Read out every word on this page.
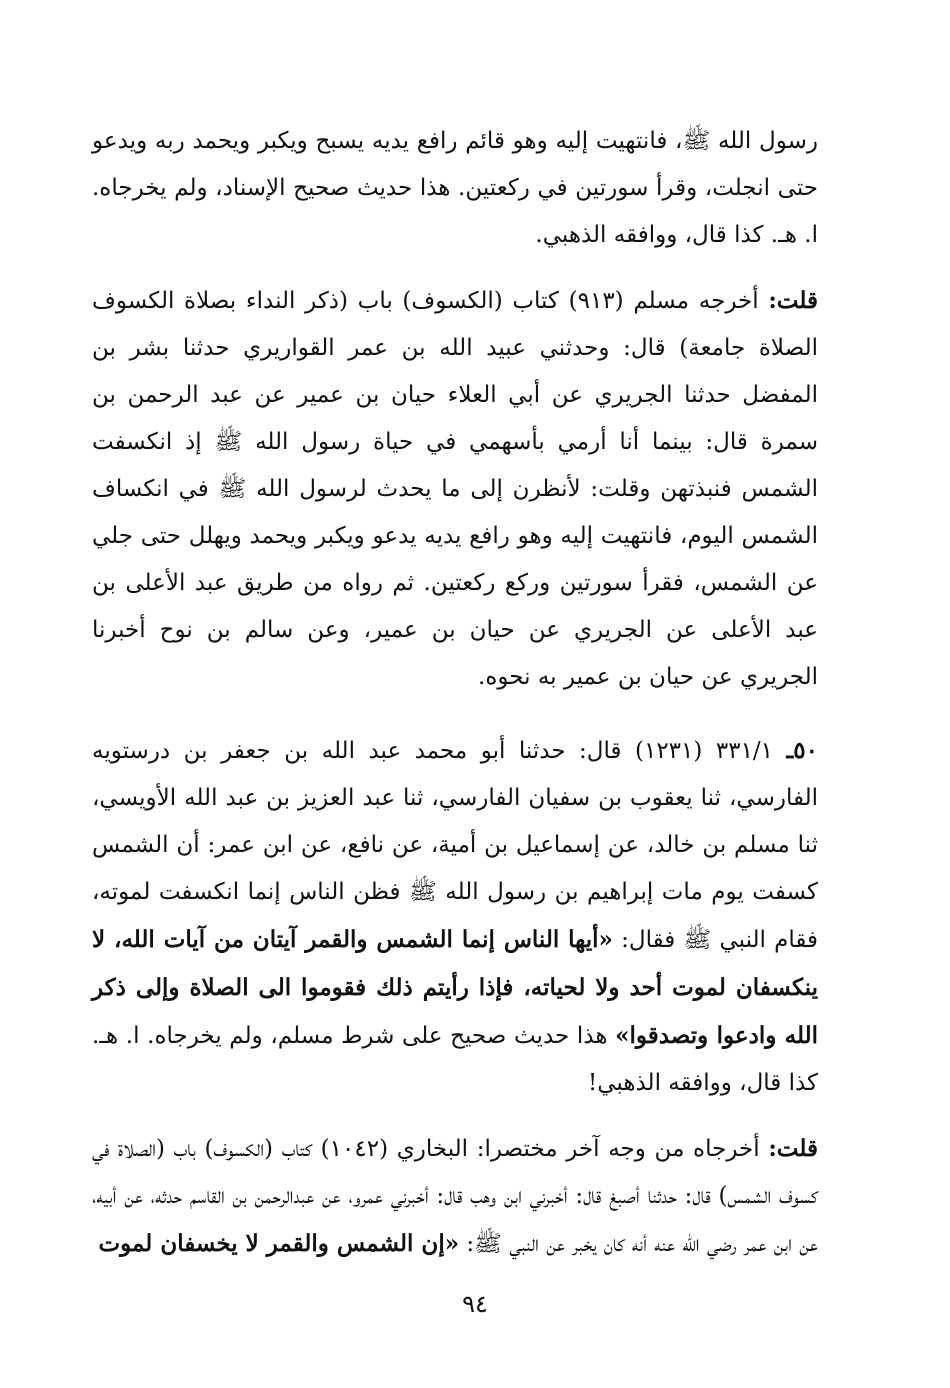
رسول الله ﷺ، فانتهيت إليه وهو قائم رافع يديه يسبح ويكبر ويحمد ربه ويدعو حتى انجلت، وقرأ سورتين في ركعتين. هذا حديث صحيح الإسناد، ولم يخرجاه. ا. هـ. كذا قال، ووافقه الذهبي.

قلت: أخرجه مسلم (٩١٣) كتاب (الكسوف) باب (ذكر النداء بصلاة الكسوف الصلاة جامعة) قال: وحدثني عبيد الله بن عمر القواريري حدثنا بشر بن المفضل حدثنا الجريري عن أبي العلاء حيان بن عمير عن عبد الرحمن بن سمرة قال: بينما أنا أرمي بأسهمي في حياة رسول الله ﷺ إذ انكسفت الشمس فنبذتهن وقلت: لأنظرن إلى ما يحدث لرسول الله ﷺ في انكساف الشمس اليوم، فانتهيت إليه وهو رافع يديه يدعو ويكبر ويحمد ويهلل حتى جلي عن الشمس، فقرأ سورتين وركع ركعتين. ثم رواه من طريق عبد الأعلى بن عبد الأعلى عن الجريري عن حيان بن عمير، وعن سالم بن نوح أخبرنا الجريري عن حيان بن عمير به نحوه.

٥٠ـ ٣٣١/١ (١٢٣١) قال: حدثنا أبو محمد عبد الله بن جعفر بن درستويه الفارسي، ثنا يعقوب بن سفيان الفارسي، ثنا عبد العزيز بن عبد الله الأويسي، ثنا مسلم بن خالد، عن إسماعيل بن أمية، عن نافع، عن ابن عمر: أن الشمس كسفت يوم مات إبراهيم بن رسول الله ﷺ فظن الناس إنما انكسفت لموته، فقام النبي ﷺ فقال: «أيها الناس إنما الشمس والقمر آيتان من آيات الله، لا ينكسفان لموت أحد ولا لحياته، فإذا رأيتم ذلك فقوموا الى الصلاة وإلى ذكر الله وادعوا وتصدقوا» هذا حديث صحيح على شرط مسلم، ولم يخرجاه. ا. هـ. كذا قال، ووافقه الذهبي!

قلت: أخرجاه من وجه آخر مختصرا: البخاري (١٠٤٢) كتاب (الكسوف) باب (الصلاة في كسوف الشمس) قال: حدثنا أصبغ قال: أخبرني ابن وهب قال: أخبرني عمرو، عن عبدالرحمن بن القاسم حدثه، عن أبيه، عن ابن عمر رضي الله عنه أنه كان يخبر عن النبي ﷺ: «إن الشمس والقمر لا يخسفان لموت

٩٤
